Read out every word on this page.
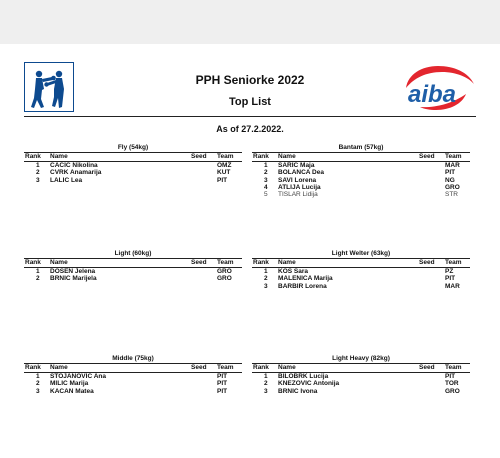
aiba
PPH Seniorke 2022
Top List
As of 27.2.2022.
Fly (54kg)
Rank Name	Seed Team
1 CACIC Nikolina	OMZ
2 CVRK Anamarija	KUT
3 LALIC Lea	PIT
Bantam (57kg)
Rank Name	Seed Team
1 SARIC Maja	MAR
2 BOLANCA Dea	PIT
3 SAVI Lorena	NG
4 ATLIJA Lucija	GRO
5 TISLAR Lidija	STR
Light (60kg)
Rank Name	Seed Team
1 DOSEN Jelena	GRO
2 BRNIC Marijela	GRO
Light Welter (63kg)
Rank Name	Seed Team
1 KOS Sara	PZ
2 MALENICA Marija	PIT
3 BARBIR Lorena	MAR
Middle (75kg)
Rank Name	Seed Team
1 STOJANOVIC Ana	PIT
2 MILIC Marija	PIT
3 KACAN Matea	PIT
Light Heavy (82kg)
Rank Name	Seed Team
1 BILOBRK Lucija	PIT
2 KNEZOVIC Antonija	TOR
3 BRNIC Ivona	GRO
